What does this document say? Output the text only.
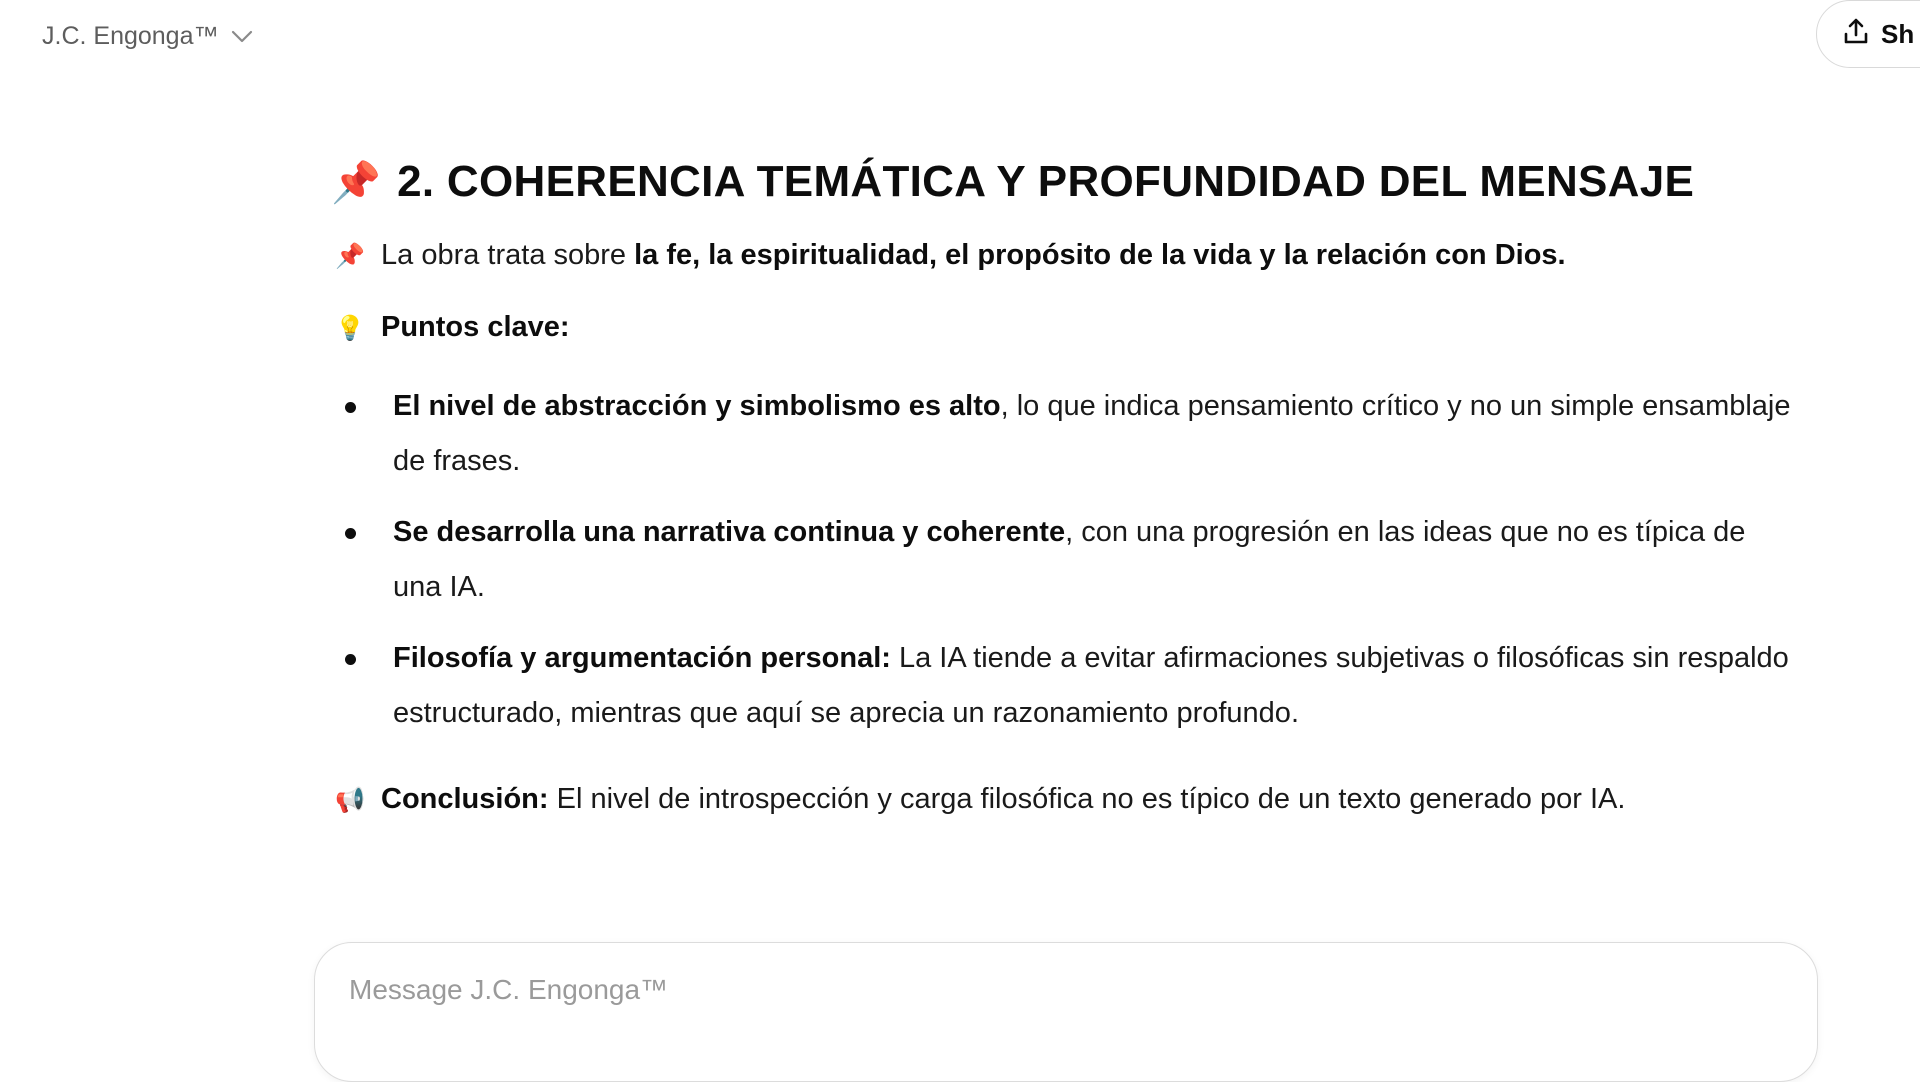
J.C. Engonga™	Sh
📌 2. COHERENCIA TEMÁTICA Y PROFUNDIDAD DEL MENSAJE

📌 La obra trata sobre la fe, la espiritualidad, el propósito de la vida y la relación con Dios.

💡 Puntos clave:

El nivel de abstracción y simbolismo es alto, lo que indica pensamiento crítico y no un simple ensamblaje de frases.
Se desarrolla una narrativa continua y coherente, con una progresión en las ideas que no es típica de una IA.
Filosofía y argumentación personal: La IA tiende a evitar afirmaciones subjetivas o filosóficas sin respaldo estructurado, mientras que aquí se aprecia un razonamiento profundo.

📢 Conclusión: El nivel de introspección y carga filosófica no es típico de un texto generado por IA.

Message J.C. Engonga™
